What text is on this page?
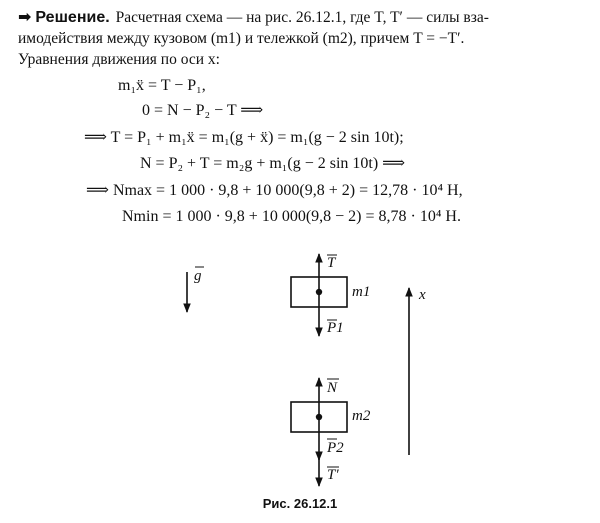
➡ Решение. Расчетная схема — на рис. 26.12.1, где T, T′ — силы вза-
имодействия между кузовом (m1) и тележкой (m2), причем T = −T′.
Уравнения движения по оси x:
m₁ẍ = T − P₁,
0 = N − P₂ − T ⟹
⟹ T = P₁ + m₁ẍ = m₁(g + ẍ) = m₁(g − 2 sin 10t);
N = P₂ + T = m₂g + m₁(g − 2 sin 10t) ⟹
⟹ Nmax = 1 000 · 9,8 + 10 000(9,8 + 2) = 12,78 · 10⁴ H,
Nmin = 1 000 · 9,8 + 10 000(9,8 − 2) = 8,78 · 10⁴ H.
g
T
m1
P1
N
m2
P2
T′
x
Рис. 26.12.1
